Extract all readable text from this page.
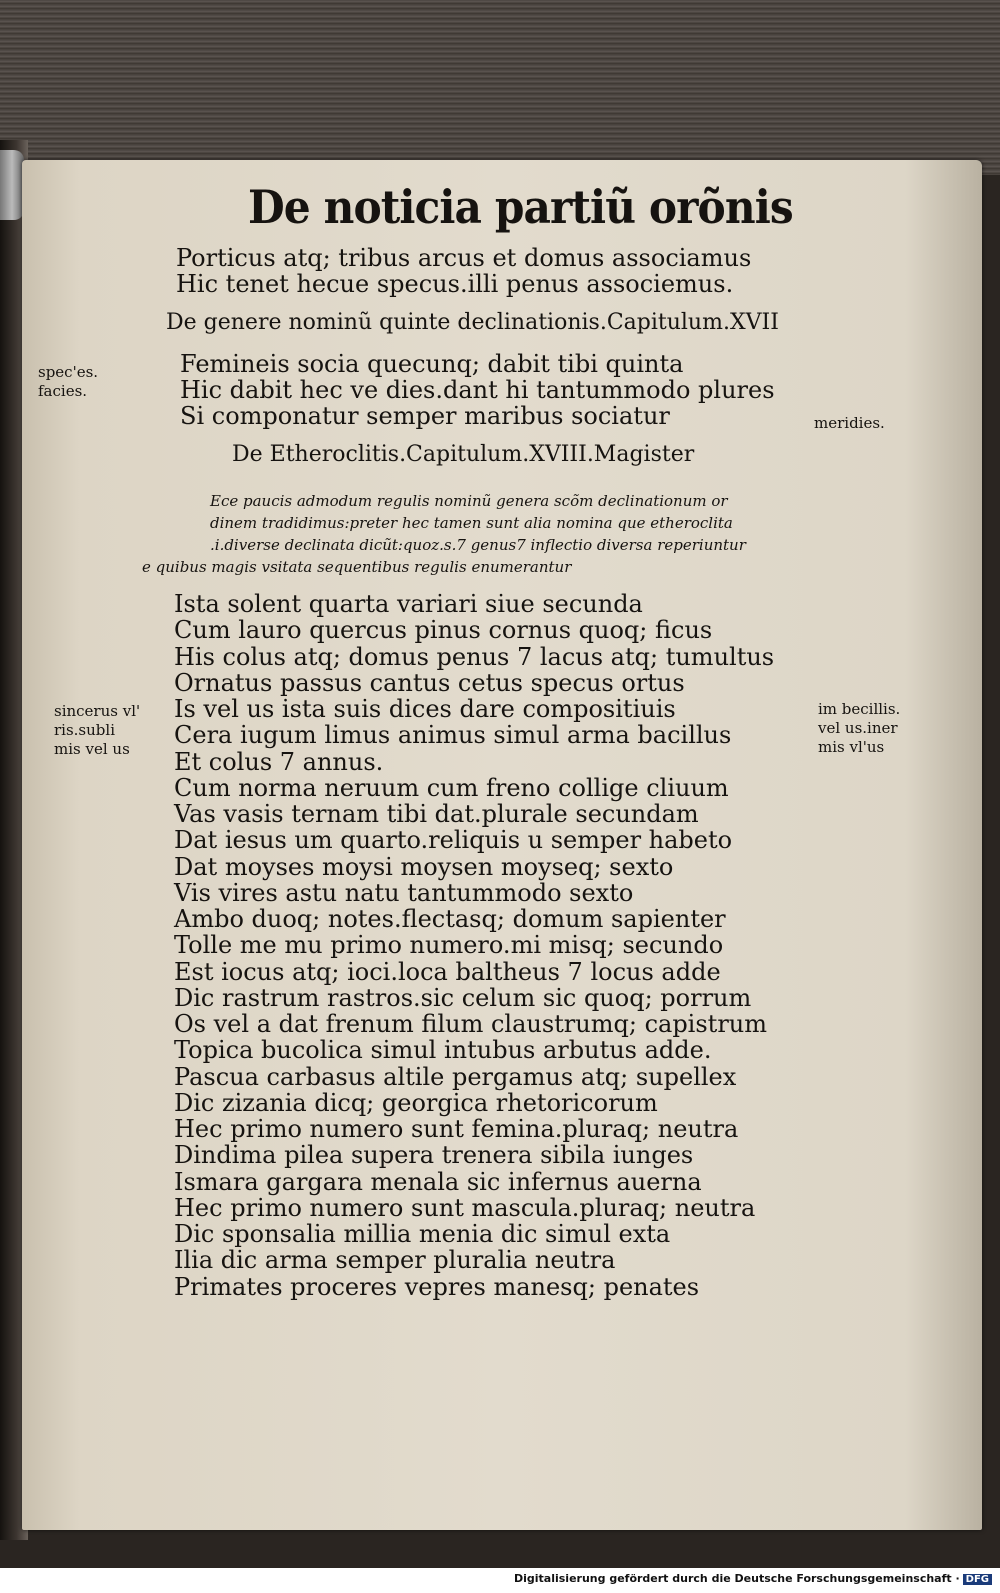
De noticia partiũ orõnis
Porticus atq; tribus arcus et domus associamus
Hic tenet hecue specus.illi penus associemus.
De genere nominũ quinte declinationis.Capitulum.XVII
Femineis socia quecunq; dabit tibi quinta
Hic dabit hec ve dies.dant hi tantummodo plures
Si componatur semper maribus sociatur
De Etheroclitis.Capitulum.XVIII.Magister
Ece paucis admodum regulis nominũ genera scõm declinationum or
dinem tradidimus:preter hec tamen sunt alia nomina que etheroclita
.i.diverse declinata dicũt:quoz.s.7 genus7 inflectio diversa reperiuntur
e quibus magis vsitata sequentibus regulis enumerantur
Ista solent quarta variari siue secunda
Cum lauro quercus pinus cornus quoq; ficus
His colus atq; domus penus 7 lacus atq; tumultus
Ornatus passus cantus cetus specus ortus
Is vel us ista suis dices dare compositiuis
Cera iugum limus animus simul arma bacillus
Et colus 7 annus.
Cum norma neruum cum freno collige cliuum
Vas vasis ternam tibi dat.plurale secundam
Dat iesus um quarto.reliquis u semper habeto
Dat moyses moysi moysen moyseq; sexto
Vis vires astu natu tantummodo sexto
Ambo duoq; notes.flectasq; domum sapienter
Tolle me mu primo numero.mi misq; secundo
Est iocus atq; ioci.loca baltheus 7 locus adde
Dic rastrum rastros.sic celum sic quoq; porrum
Os vel a dat frenum filum claustrumq; capistrum
Topica bucolica simul intubus arbutus adde.
Pascua carbasus altile pergamus atq; supellex
Dic zizania dicq; georgica rhetoricorum
Hec primo numero sunt femina.pluraq; neutra
Dindima pilea supera trenera sibila iunges
Ismara gargara menala sic infernus auerna
Hec primo numero sunt mascula.pluraq; neutra
Dic sponsalia millia menia dic simul exta
Ilia dic arma semper pluralia neutra
Primates proceres vepres manesq; penates
spec'es. facies.
sincerus vl' ris.subli mis vel us
meridies.
im becillis. vel us.iner mis vl'us
Digitalisierung gefördert durch die Deutsche Forschungsgemeinschaft · DFG
